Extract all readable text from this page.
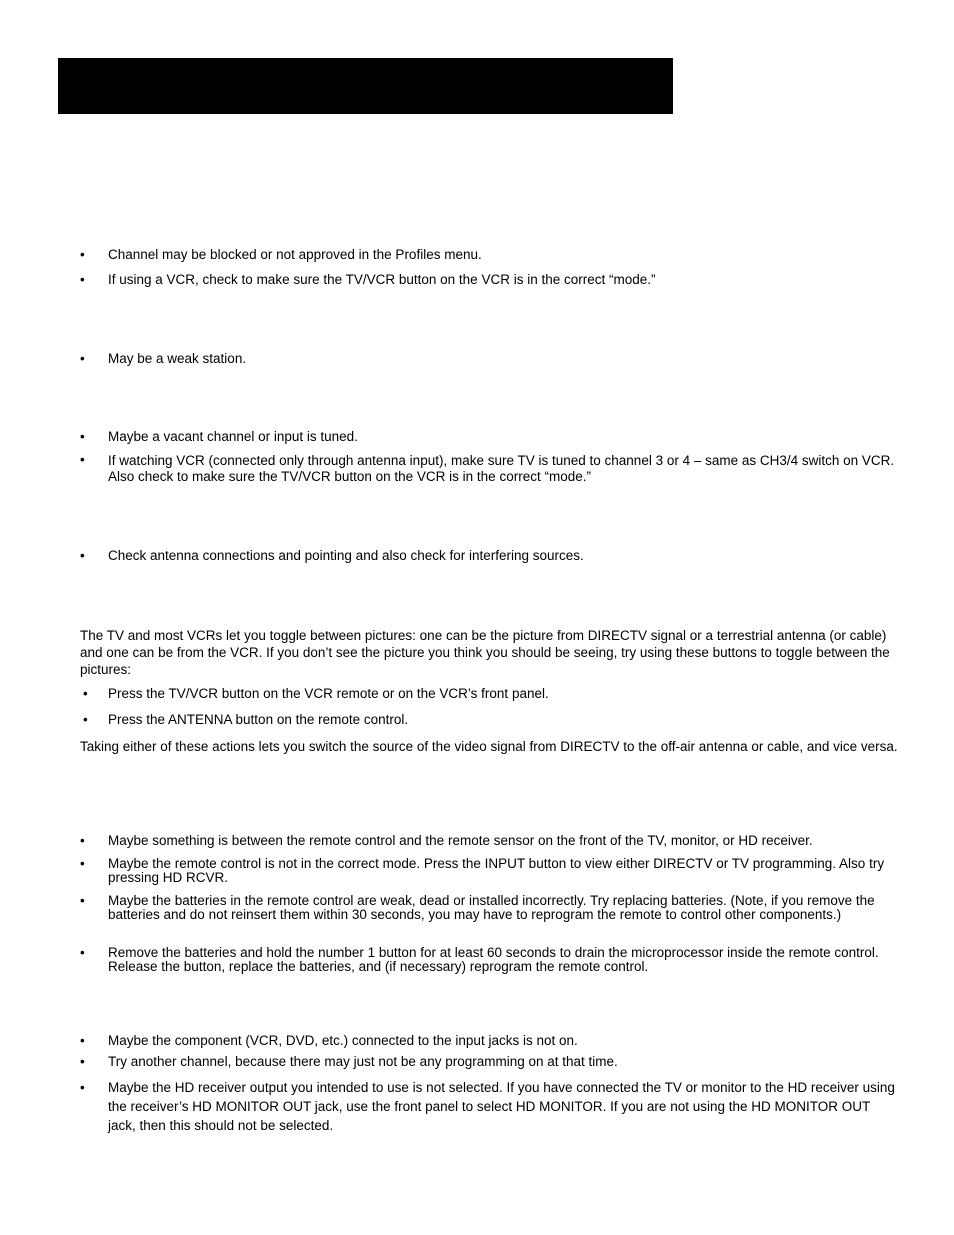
•	Channel may be blocked or not approved in the Profiles menu.
•	If using a VCR, check to make sure the TV/VCR button on the VCR is in the correct “mode.”
•	May be a weak station.
•	Maybe a vacant channel or input is tuned.
•	If watching VCR (connected only through antenna input), make sure TV is tuned to channel 3 or 4 – same as CH3/4 switch on VCR. Also check to make sure the TV/VCR button on the VCR is in the correct “mode.”
•	Check antenna connections and pointing and also check for interfering sources.
The TV and most VCRs let you toggle between pictures: one can be the picture from DIRECTV signal or a terrestrial antenna (or cable) and one can be from the VCR. If you don’t see the picture you think you should be seeing, try using these buttons to toggle between the pictures:
•	Press the TV/VCR button on the VCR remote or on the VCR’s front panel.
•	Press the ANTENNA button on the remote control.
Taking either of these actions lets you switch the source of the video signal from DIRECTV to the off-air antenna or cable, and vice versa.
•	Maybe something is between the remote control and the remote sensor on the front of the TV, monitor, or HD receiver.
•	Maybe the remote control is not in the correct mode. Press the INPUT button to view either DIRECTV or TV programming. Also try pressing HD RCVR.
•	Maybe the batteries in the remote control are weak, dead or installed incorrectly. Try replacing batteries. (Note, if you remove the batteries and do not reinsert them within 30 seconds, you may have to reprogram the remote to control other components.)
•	Remove the batteries and hold the number 1 button for at least 60 seconds to drain the microprocessor inside the remote control. Release the button, replace the batteries, and (if necessary) reprogram the remote control.
•	Maybe the component (VCR, DVD, etc.) connected to the input jacks is not on.
•	Try another channel, because there may just not be any programming on at that time.
•	Maybe the HD receiver output you intended to use is not selected. If you have connected the TV or monitor to the HD receiver using the receiver’s HD MONITOR OUT jack, use the front panel to select HD MONITOR. If you are not using the HD MONITOR OUT jack, then this should not be selected.
